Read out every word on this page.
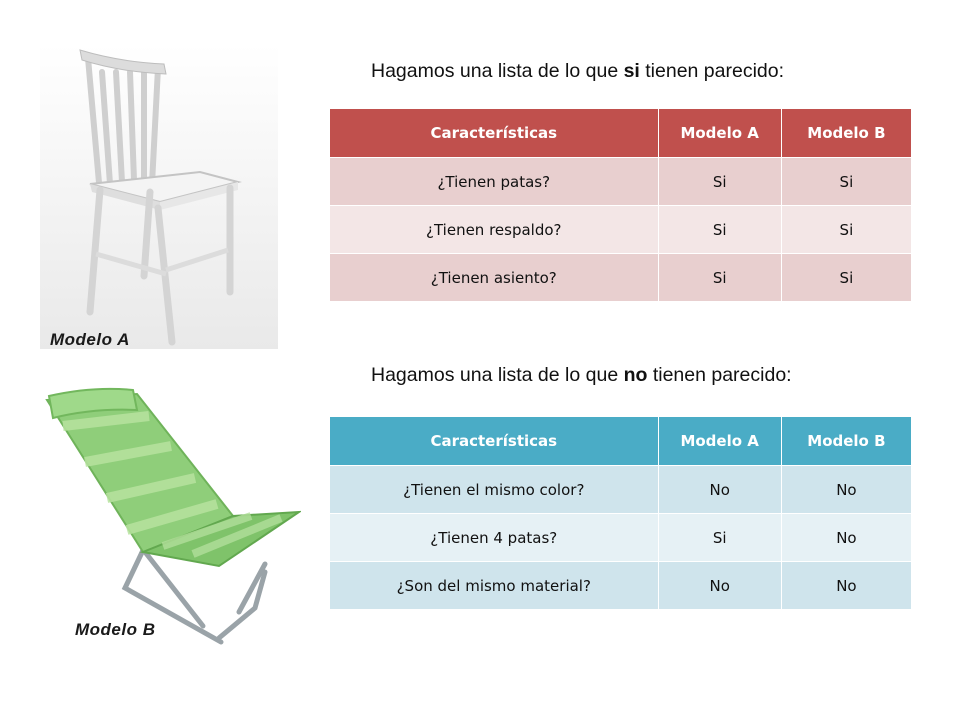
Modelo A
Modelo B
Hagamos una lista de lo que si tienen parecido:
Características	Modelo A	Modelo B
¿Tienen patas?	Si	Si
¿Tienen respaldo?	Si	Si
¿Tienen asiento?	Si	Si
Hagamos una lista de lo que no tienen parecido:
Características	Modelo A	Modelo B
¿Tienen el mismo color?	No	No
¿Tienen 4 patas?	Si	No
¿Son del mismo material?	No	No
